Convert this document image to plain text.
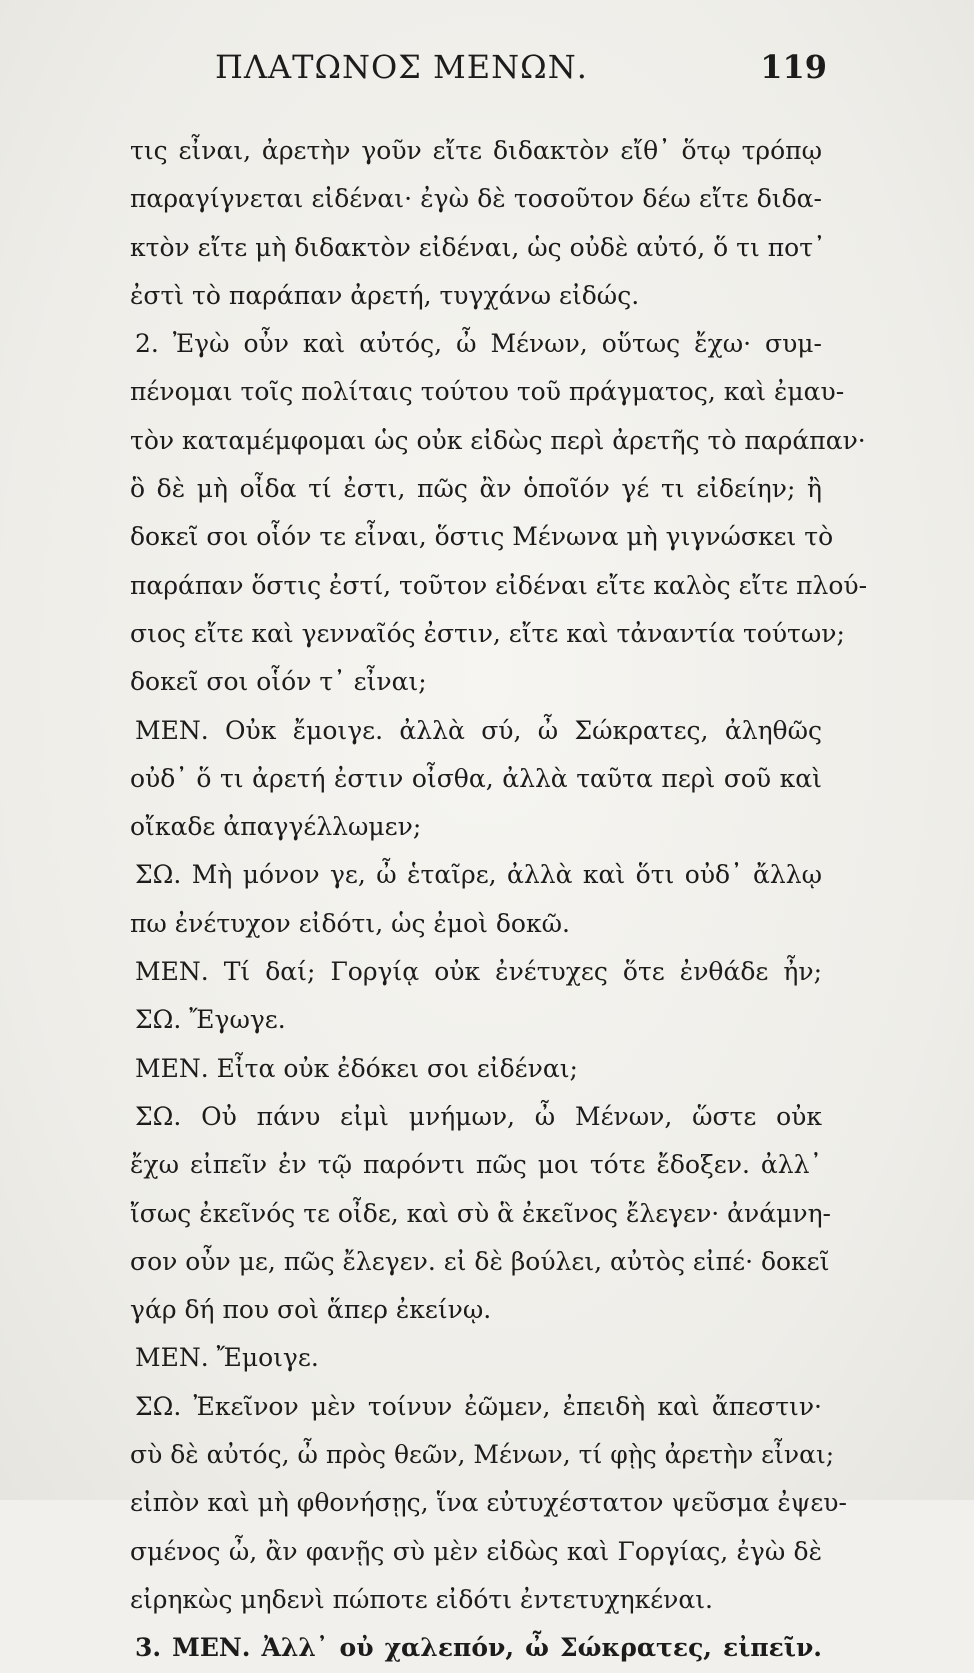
ΠΛΑΤΩΝΟΣ ΜΕΝΩΝ.	119
τις εἶναι, ἀρετὴν γοῦν εἴτε διδακτὸν εἴθ᾽ ὅτῳ τρόπῳ
παραγίγνεται εἰδέναι· ἐγὼ δὲ τοσοῦτον δέω εἴτε διδα-
κτὸν εἴτε μὴ διδακτὸν εἰδέναι, ὡς οὐδὲ αὐτό, ὅ τι ποτ᾽
ἐστὶ τὸ παράπαν ἀρετή, τυγχάνω εἰδώς.
2. Ἐγὼ οὖν καὶ αὐτός, ὦ Μένων, οὕτως ἔχω· συμ-
πένομαι τοῖς πολίταις τούτου τοῦ πράγματος, καὶ ἐμαυ-
τὸν καταμέμφομαι ὡς οὐκ εἰδὼς περὶ ἀρετῆς τὸ παράπαν·
ὃ δὲ μὴ οἶδα τί ἐστι, πῶς ἂν ὁποῖόν γέ τι εἰδείην; ἢ
δοκεῖ σοι οἷόν τε εἶναι, ὅστις Μένωνα μὴ γιγνώσκει τὸ
παράπαν ὅστις ἐστί, τοῦτον εἰδέναι εἴτε καλὸς εἴτε πλού-
σιος εἴτε καὶ γενναῖός ἐστιν, εἴτε καὶ τἀναντία τούτων;
δοκεῖ σοι οἷόν τ᾽ εἶναι;
ΜΕΝ. Οὐκ ἔμοιγε. ἀλλὰ σύ, ὦ Σώκρατες, ἀληθῶς
οὐδ᾽ ὅ τι ἀρετή ἐστιν οἶσθα, ἀλλὰ ταῦτα περὶ σοῦ καὶ
οἴκαδε ἀπαγγέλλωμεν;
ΣΩ. Μὴ μόνον γε, ὦ ἑταῖρε, ἀλλὰ καὶ ὅτι οὐδ᾽ ἄλλῳ
πω ἐνέτυχον εἰδότι, ὡς ἐμοὶ δοκῶ.
ΜΕΝ. Τί δαί; Γοργίᾳ οὐκ ἐνέτυχες ὅτε ἐνθάδε ἦν;
ΣΩ. Ἔγωγε.
ΜΕΝ. Εἶτα οὐκ ἐδόκει σοι εἰδέναι;
ΣΩ. Οὐ πάνυ εἰμὶ μνήμων, ὦ Μένων, ὥστε οὐκ
ἔχω εἰπεῖν ἐν τῷ παρόντι πῶς μοι τότε ἔδοξεν. ἀλλ᾽
ἴσως ἐκεῖνός τε οἶδε, καὶ σὺ ἃ ἐκεῖνος ἔλεγεν· ἀνάμνη-
σον οὖν με, πῶς ἔλεγεν. εἰ δὲ βούλει, αὐτὸς εἰπέ· δοκεῖ
γάρ δή που σοὶ ἅπερ ἐκείνῳ.
ΜΕΝ. Ἔμοιγε.
ΣΩ. Ἐκεῖνον μὲν τοίνυν ἐῶμεν, ἐπειδὴ καὶ ἄπεστιν·
σὺ δὲ αὐτός, ὦ πρὸς θεῶν, Μένων, τί φῂς ἀρετὴν εἶναι;
εἰπὸν καὶ μὴ φθονήσῃς, ἵνα εὐτυχέστατον ψεῦσμα ἐψευ-
σμένος ὦ, ἂν φανῇς σὺ μὲν εἰδὼς καὶ Γοργίας, ἐγὼ δὲ
εἰρηκὼς μηδενὶ πώποτε εἰδότι ἐντετυχηκέναι.
3. ΜΕΝ. Ἀλλ᾽ οὐ χαλεπόν, ὦ Σώκρατες, εἰπεῖν.
